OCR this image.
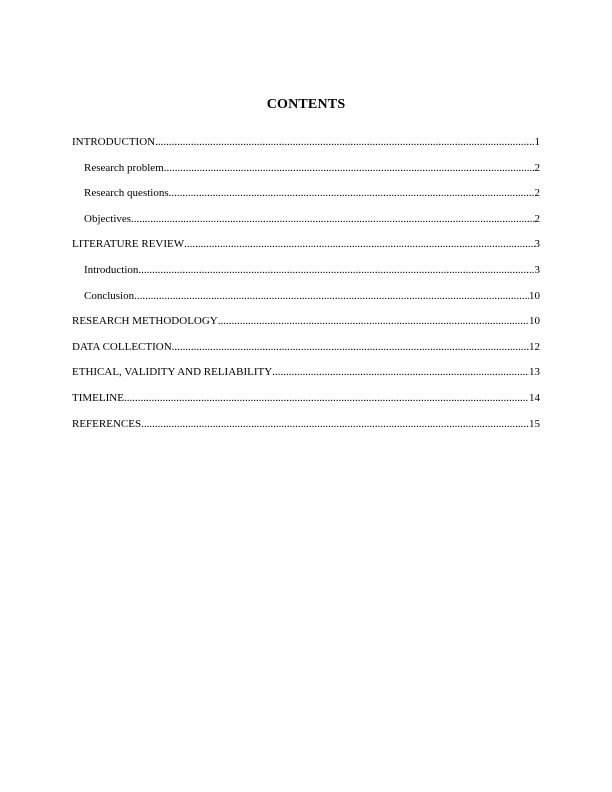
CONTENTS
INTRODUCTION .....	1
Research problem .....	2
Research questions .....	2
Objectives .....	2
LITERATURE REVIEW .....	3
Introduction .....	3
Conclusion .....	10
RESEARCH METHODOLOGY .....	10
DATA COLLECTION .....	12
ETHICAL, VALIDITY AND RELIABILITY .....	13
TIMELINE .....	14
REFERENCES .....	15
